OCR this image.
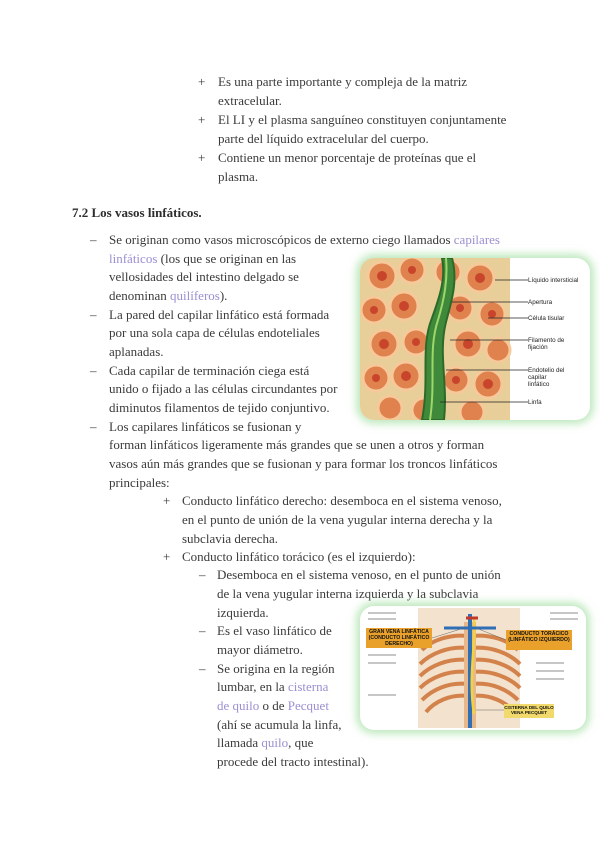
+ Es una parte importante y compleja de la matriz
extracelular.
+ El LI y el plasma sanguíneo constituyen conjuntamente
parte del líquido extracelular del cuerpo.
+ Contiene un menor porcentaje de proteínas que el
plasma.
7.2 Los vasos linfáticos.
– Se originan como vasos microscópicos de externo ciego llamados capilares
linfáticos (los que se originan en las
vellosidades del intestino delgado se
denominan quilíferos).
– La pared del capilar linfático está formada
por una sola capa de células endoteliales
aplanadas.
– Cada capilar de terminación ciega está
unido o fijado a las células circundantes por
diminutos filamentos de tejido conjuntivo.
– Los capilares linfáticos se fusionan y
forman linfáticos ligeramente más grandes que se unen a otros y forman
vasos aún más grandes que se fusionan y para formar los troncos linfáticos
principales:
+ Conducto linfático derecho: desemboca en el sistema venoso,
en el punto de unión de la vena yugular interna derecha y la
subclavia derecha.
+ Conducto linfático torácico (es el izquierdo):
– Desemboca en el sistema venoso, en el punto de unión
de la vena yugular interna izquierda y la subclavia
izquierda.
– Es el vaso linfático de
mayor diámetro.
– Se origina en la región
lumbar, en la cisterna
de quilo o de Pecquet
(ahí se acumula la linfa,
llamada quilo, que
procede del tracto intestinal).
Líquido intersticial
Apertura
Célula tisular
Filamento de fijación
Endotelio del capilar linfático
Linfa
GRAN VENA LINFÁTICA (CONDUCTO LINFÁTICO DERECHO)
CONDUCTO TORÁCICO (LINFÁTICO IZQUIERDO)
CISTERNA DEL QUILO VENA PECQUET
